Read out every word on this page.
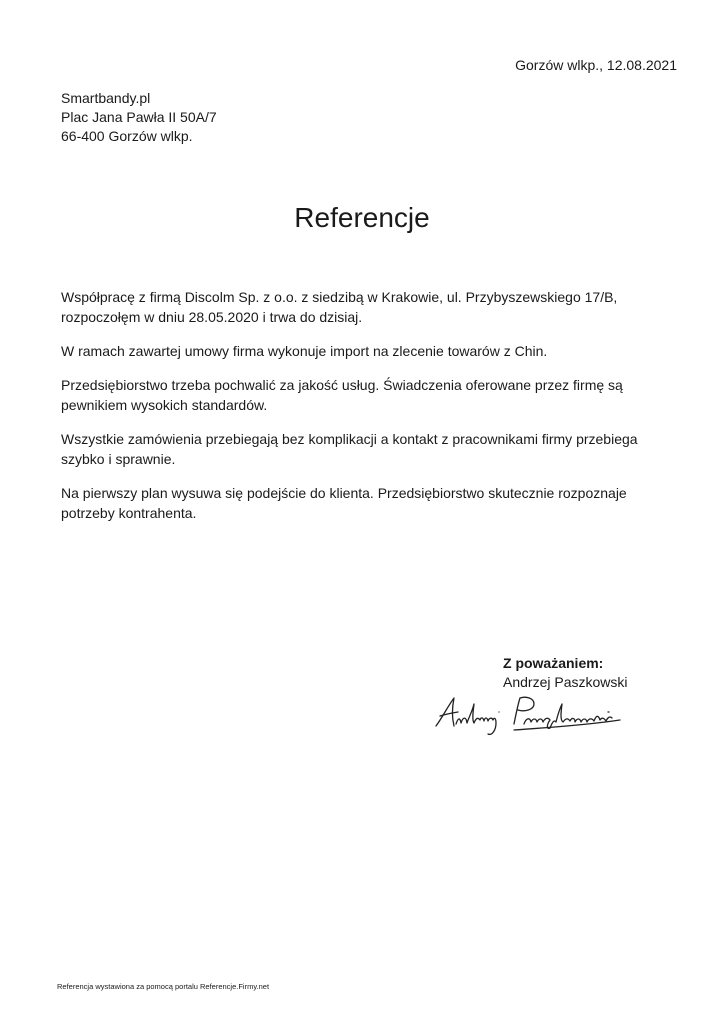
Gorzów wlkp., 12.08.2021
Smartbandy.pl
Plac Jana Pawła II 50A/7
66-400 Gorzów wlkp.
Referencje

Współpracę z firmą Discolm Sp. z o.o. z siedzibą w Krakowie, ul. Przybyszewskiego 17/B, rozpoczołęm w dniu 28.05.2020 i trwa do dzisiaj.

W ramach zawartej umowy firma wykonuje import na zlecenie towarów z Chin.

Przedsiębiorstwo trzeba pochwalić za jakość usług. Świadczenia oferowane przez firmę są pewnikiem wysokich standardów.

Wszystkie zamówienia przebiegają bez komplikacji a kontakt z pracownikami firmy przebiega szybko i sprawnie.

Na pierwszy plan wysuwa się podejście do klienta. Przedsiębiorstwo skutecznie rozpoznaje potrzeby kontrahenta.

Z poważaniem:
Andrzej Paszkowski
Referencja wystawiona za pomocą portalu Referencje.Firmy.net
